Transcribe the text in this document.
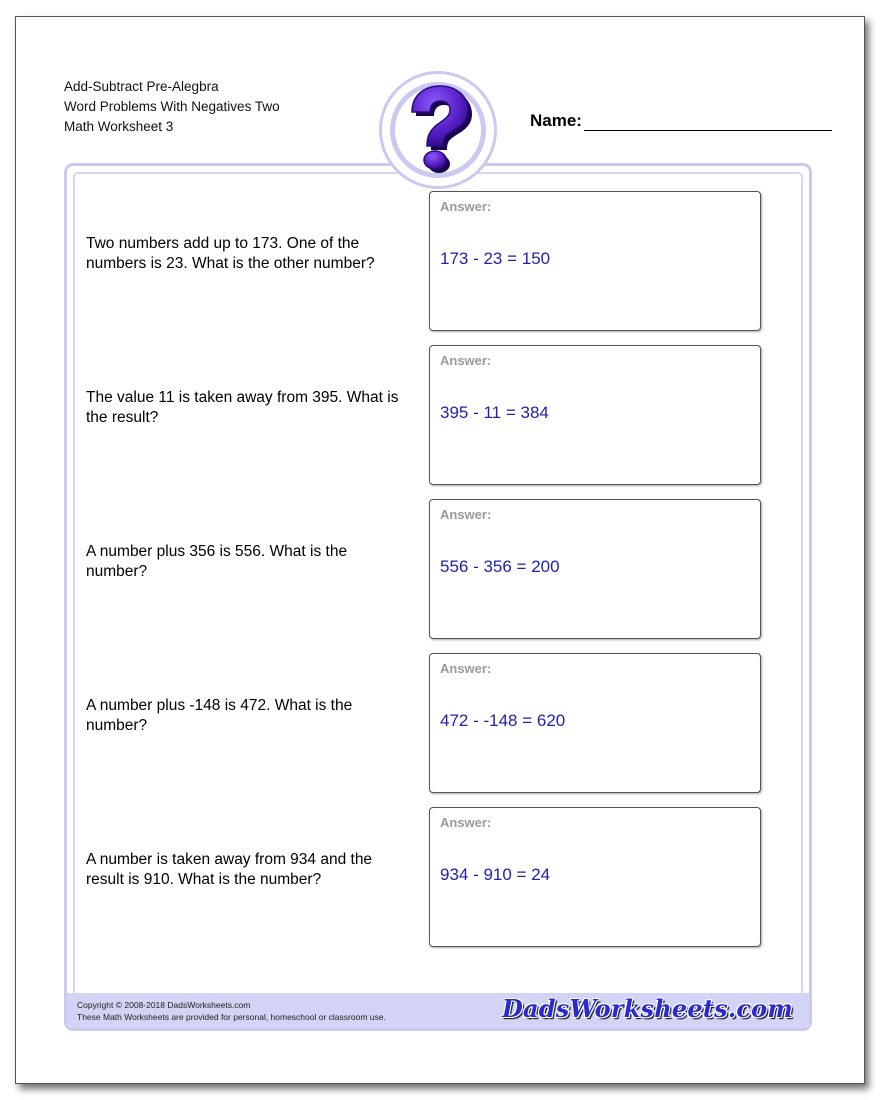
Add-Subtract Pre-Alegbra
Word Problems With Negatives Two
Math Worksheet 3	Name:
Two numbers add up to 173. One of the numbers is 23. What is the other number?
Answer:
173 - 23 = 150
The value 11 is taken away from 395. What is the result?
Answer:
395 - 11 = 384
A number plus 356 is 556. What is the number?
Answer:
556 - 356 = 200
A number plus -148 is 472. What is the number?
Answer:
472 - -148 = 620
A number is taken away from 934 and the result is 910. What is the number?
Answer:
934 - 910 = 24
Copyright © 2008-2018 DadsWorksheets.com
These Math Worksheets are provided for personal, homeschool or classroom use.	DadsWorksheets.com
